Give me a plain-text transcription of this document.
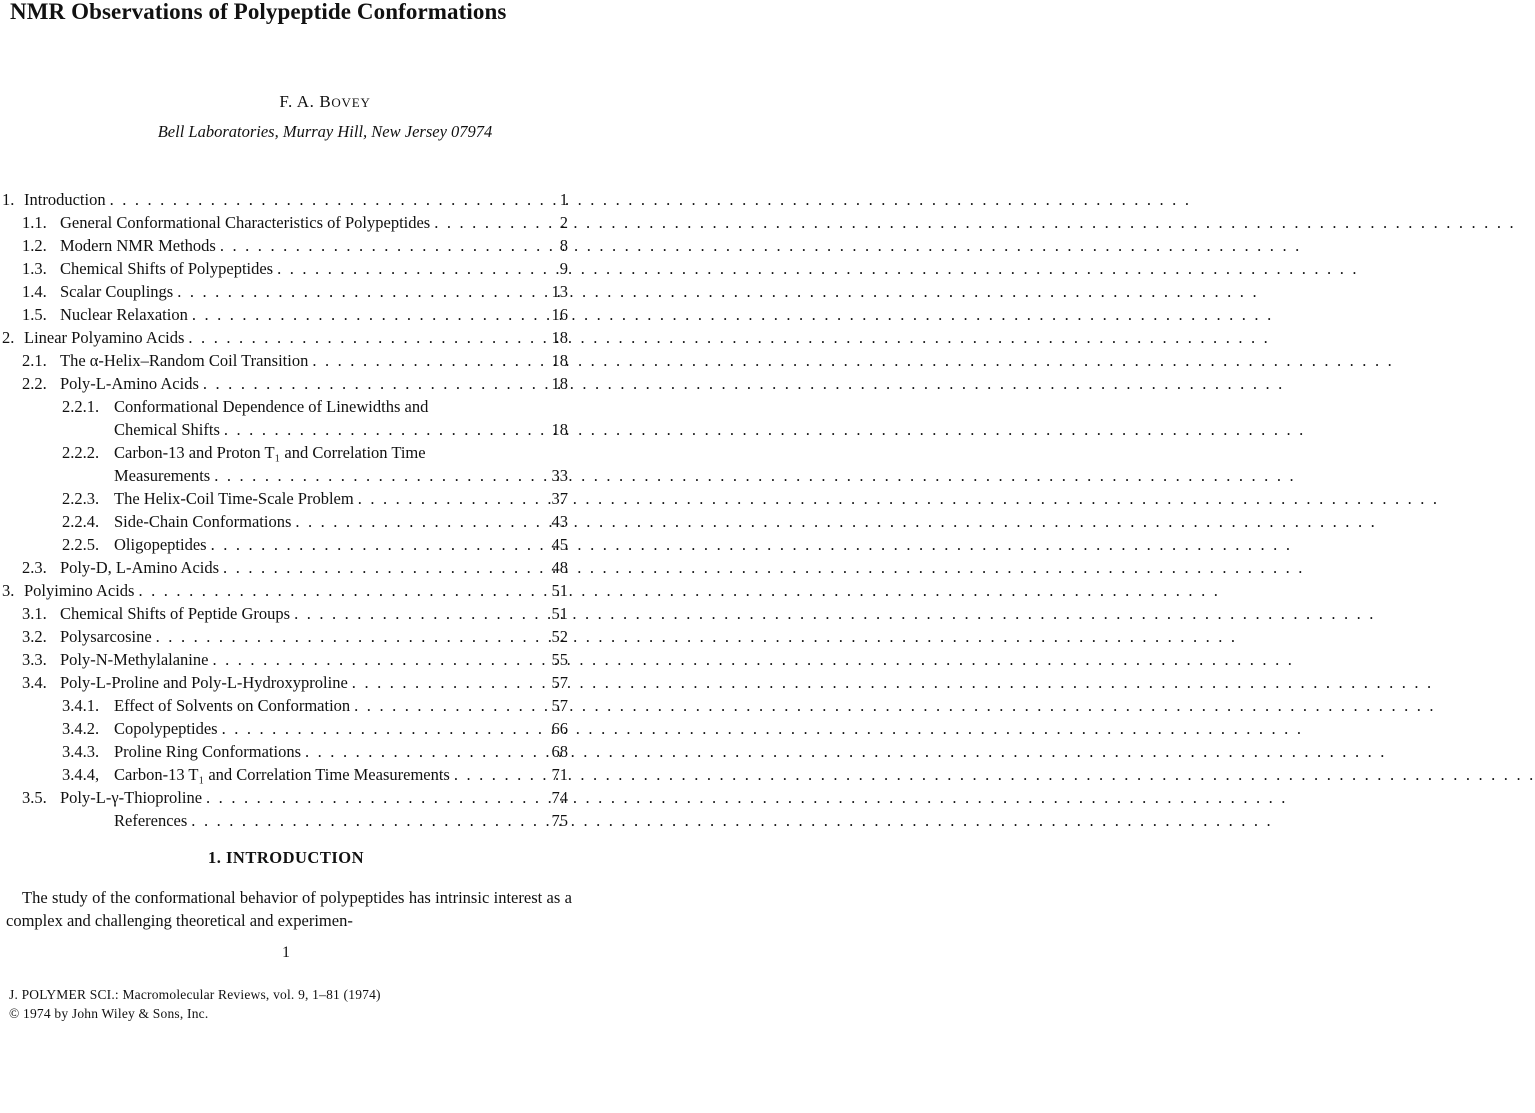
NMR Observations of Polypeptide Conformations
F. A. BOVEY
Bell Laboratories, Murray Hill, New Jersey 07974
1. Introduction . . .	1
1.1. General Conformational Characteristics of Polypeptides . . .	2
1.2. Modern NMR Methods . . .	8
1.3. Chemical Shifts of Polypeptides . . .	9
1.4. Scalar Couplings . . .	13
1.5. Nuclear Relaxation . . .	16
2. Linear Polyamino Acids . . .	18
2.1. The α-Helix–Random Coil Transition . . .	18
2.2. Poly-L-Amino Acids . . .	18
2.2.1. Conformational Dependence of Linewidths and
Chemical Shifts . . .	18
2.2.2. Carbon-13 and Proton T₁ and Correlation Time
Measurements . . .	33
2.2.3. The Helix-Coil Time-Scale Problem . . .	37
2.2.4. Side-Chain Conformations . . .	43
2.2.5. Oligopeptides . . .	45
2.3. Poly-D, L-Amino Acids . . .	48
3. Polyimino Acids . . .	51
3.1. Chemical Shifts of Peptide Groups . . .	51
3.2. Polysarcosine . . .	52
3.3. Poly-N-Methylalanine . . .	55
3.4. Poly-L-Proline and Poly-L-Hydroxyproline . . .	57
3.4.1. Effect of Solvents on Conformation . . .	57
3.4.2. Copolypeptides . . .	66
3.4.3. Proline Ring Conformations . . .	68
3.4.4, Carbon-13 T₁ and Correlation Time Measurements . . .	71
3.5. Poly-L-γ-Thioproline . . .	74
References . . .	75
1. INTRODUCTION
The study of the conformational behavior of polypeptides has intrinsic interest as a complex and challenging theoretical and experimen-
1
J. POLYMER SCI.: Macromolecular Reviews, vol. 9, 1–81 (1974)
© 1974 by John Wiley & Sons, Inc.
